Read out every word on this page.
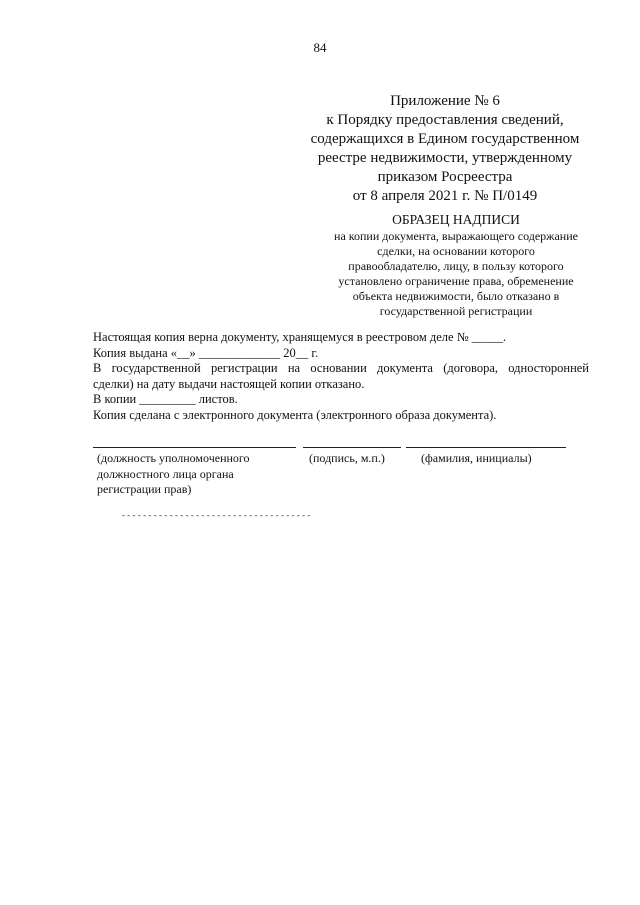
84
Приложение № 6
к Порядку предоставления сведений,
содержащихся в Едином государственном
реестре недвижимости, утвержденному
приказом Росреестра
от 8 апреля 2021 г. № П/0149
ОБРАЗЕЦ НАДПИСИ
на копии документа, выражающего содержание
сделки, на основании которого
правообладателю, лицу, в пользу которого
установлено ограничение права, обременение
объекта недвижимости, было отказано в
государственной регистрации
Настоящая копия верна документу, хранящемуся в реестровом деле № _____.
Копия выдана «__» _____________ 20__ г.
В государственной регистрации на основании документа (договора, односторонней
сделки) на дату выдачи настоящей копии отказано.
В копии _________ листов.
Копия сделана с электронного документа (электронного образа документа).
(должность уполномоченного
должностного лица органа
регистрации прав)
(подпись, м.п.)	(фамилия, инициалы)
------------------------------------
